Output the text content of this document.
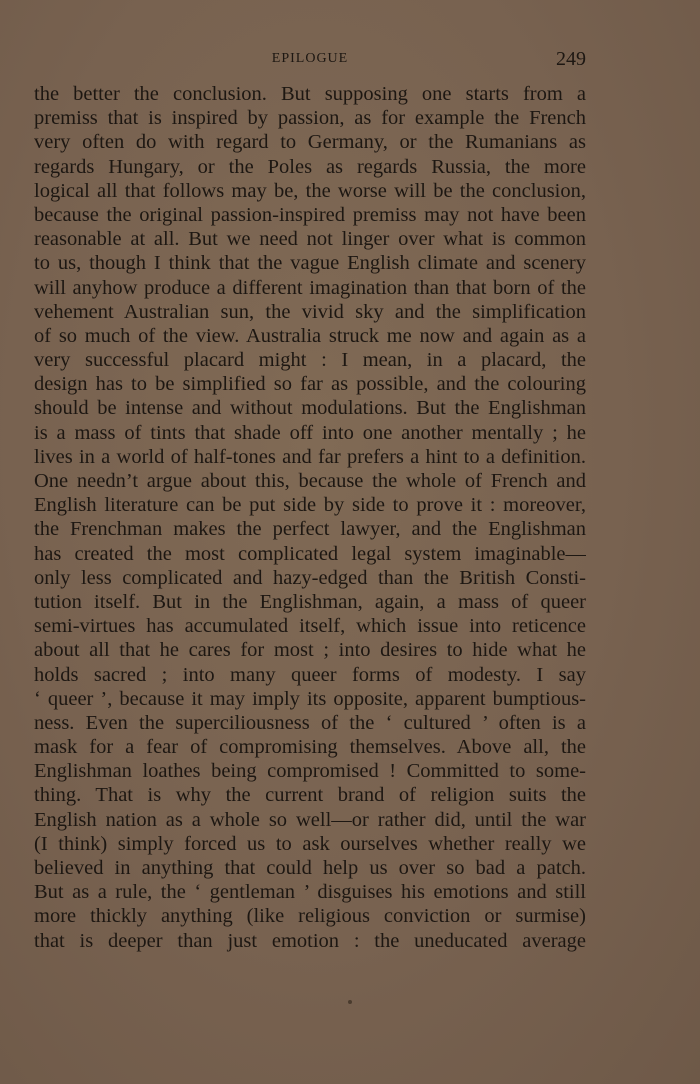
EPILOGUE	249
the better the conclusion. But supposing one starts from a
premiss that is inspired by passion, as for example the French
very often do with regard to Germany, or the Rumanians as
regards Hungary, or the Poles as regards Russia, the more
logical all that follows may be, the worse will be the conclusion,
because the original passion-inspired premiss may not have been
reasonable at all. But we need not linger over what is common
to us, though I think that the vague English climate and scenery
will anyhow produce a different imagination than that born of the
vehement Australian sun, the vivid sky and the simplification
of so much of the view. Australia struck me now and again as a
very successful placard might : I mean, in a placard, the
design has to be simplified so far as possible, and the colouring
should be intense and without modulations. But the Englishman
is a mass of tints that shade off into one another mentally ; he
lives in a world of half-tones and far prefers a hint to a definition.
One needn’t argue about this, because the whole of French and
English literature can be put side by side to prove it : moreover,
the Frenchman makes the perfect lawyer, and the Englishman
has created the most complicated legal system imaginable—
only less complicated and hazy-edged than the British Consti-
tution itself. But in the Englishman, again, a mass of queer
semi-virtues has accumulated itself, which issue into reticence
about all that he cares for most ; into desires to hide what he
holds sacred ; into many queer forms of modesty. I say
‘ queer ’, because it may imply its opposite, apparent bumptious-
ness. Even the superciliousness of the ‘ cultured ’ often is a
mask for a fear of compromising themselves. Above all, the
Englishman loathes being compromised ! Committed to some-
thing. That is why the current brand of religion suits the
English nation as a whole so well—or rather did, until the war
(I think) simply forced us to ask ourselves whether really we
believed in anything that could help us over so bad a patch.
But as a rule, the ‘ gentleman ’ disguises his emotions and still
more thickly anything (like religious conviction or surmise)
that is deeper than just emotion : the uneducated average
